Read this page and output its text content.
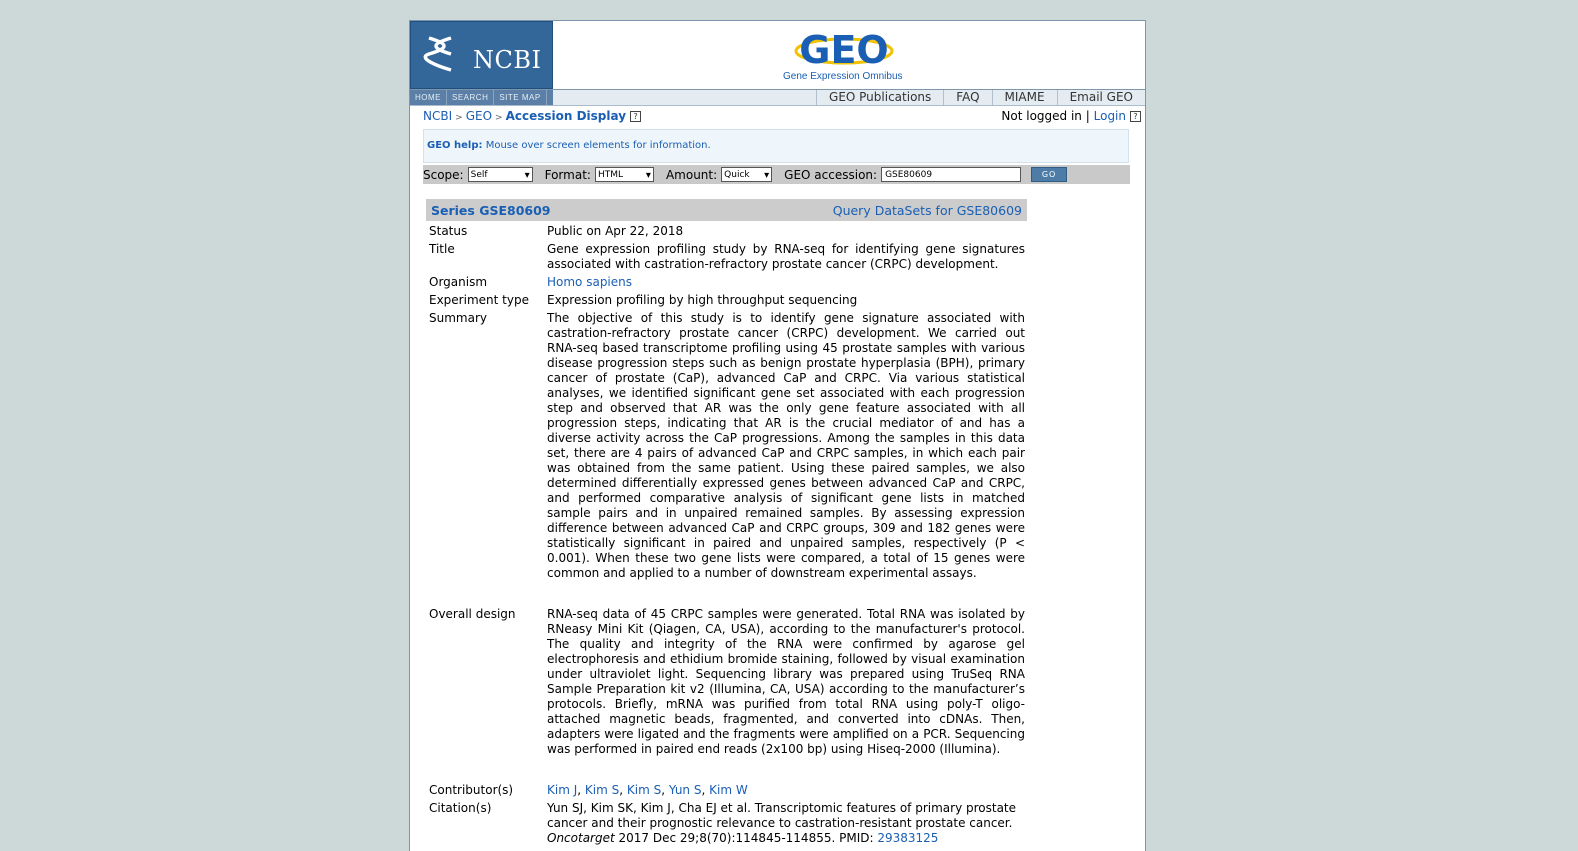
NCBI	GEO
Gene Expression Omnibus
HOME	SEARCH	SITE MAP	GEO Publications	FAQ	MIAME	Email GEO
NCBI > GEO > Accession Display ?	Not logged in | Login ?
GEO help: Mouse over screen elements for information.
Scope: Self ▾	Format: HTML ▾	Amount: Quick ▾	GEO accession:
GSE80609	GO
Series GSE80609	Query DataSets for GSE80609
Status	Public on Apr 22, 2018
Title	Gene expression profiling study by RNA-seq for identifying gene signatures associated with castration-refractory prostate cancer (CRPC) development.
Organism	Homo sapiens
Experiment type	Expression profiling by high throughput sequencing
Summary	The objective of this study is to identify gene signature associated with castration-refractory prostate cancer (CRPC) development. We carried out RNA-seq based transcriptome profiling using 45 prostate samples with various disease progression steps such as benign prostate hyperplasia (BPH), primary cancer of prostate (CaP), advanced CaP and CRPC. Via various statistical analyses, we identified significant gene set associated with each progression step and observed that AR was the only gene feature associated with all progression steps, indicating that AR is the crucial mediator of and has a diverse activity across the CaP progressions. Among the samples in this data set, there are 4 pairs of advanced CaP and CRPC samples, in which each pair was obtained from the same patient. Using these paired samples, we also determined differentially expressed genes between advanced CaP and CRPC, and performed comparative analysis of significant gene lists in matched sample pairs and in unpaired remained samples. By assessing expression difference between advanced CaP and CRPC groups, 309 and 182 genes were statistically significant in paired and unpaired samples, respectively (P < 0.001). When these two gene lists were compared, a total of 15 genes were common and applied to a number of downstream experimental assays.
Overall design	RNA-seq data of 45 CRPC samples were generated. Total RNA was isolated by RNeasy Mini Kit (Qiagen, CA, USA), according to the manufacturer's protocol. The quality and integrity of the RNA were confirmed by agarose gel electrophoresis and ethidium bromide staining, followed by visual examination under ultraviolet light. Sequencing library was prepared using TruSeq RNA Sample Preparation kit v2 (Illumina, CA, USA) according to the manufacturer’s protocols. Briefly, mRNA was purified from total RNA using poly-T oligo-attached magnetic beads, fragmented, and converted into cDNAs. Then, adapters were ligated and the fragments were amplified on a PCR. Sequencing was performed in paired end reads (2x100 bp) using Hiseq-2000 (Illumina).
Contributor(s)	Kim J, Kim S, Kim S, Yun S, Kim W
Citation(s)	Yun SJ, Kim SK, Kim J, Cha EJ et al. Transcriptomic features of primary prostate cancer and their prognostic relevance to castration-resistant prostate cancer. Oncotarget 2017 Dec 29;8(70):114845-114855. PMID: 29383125
